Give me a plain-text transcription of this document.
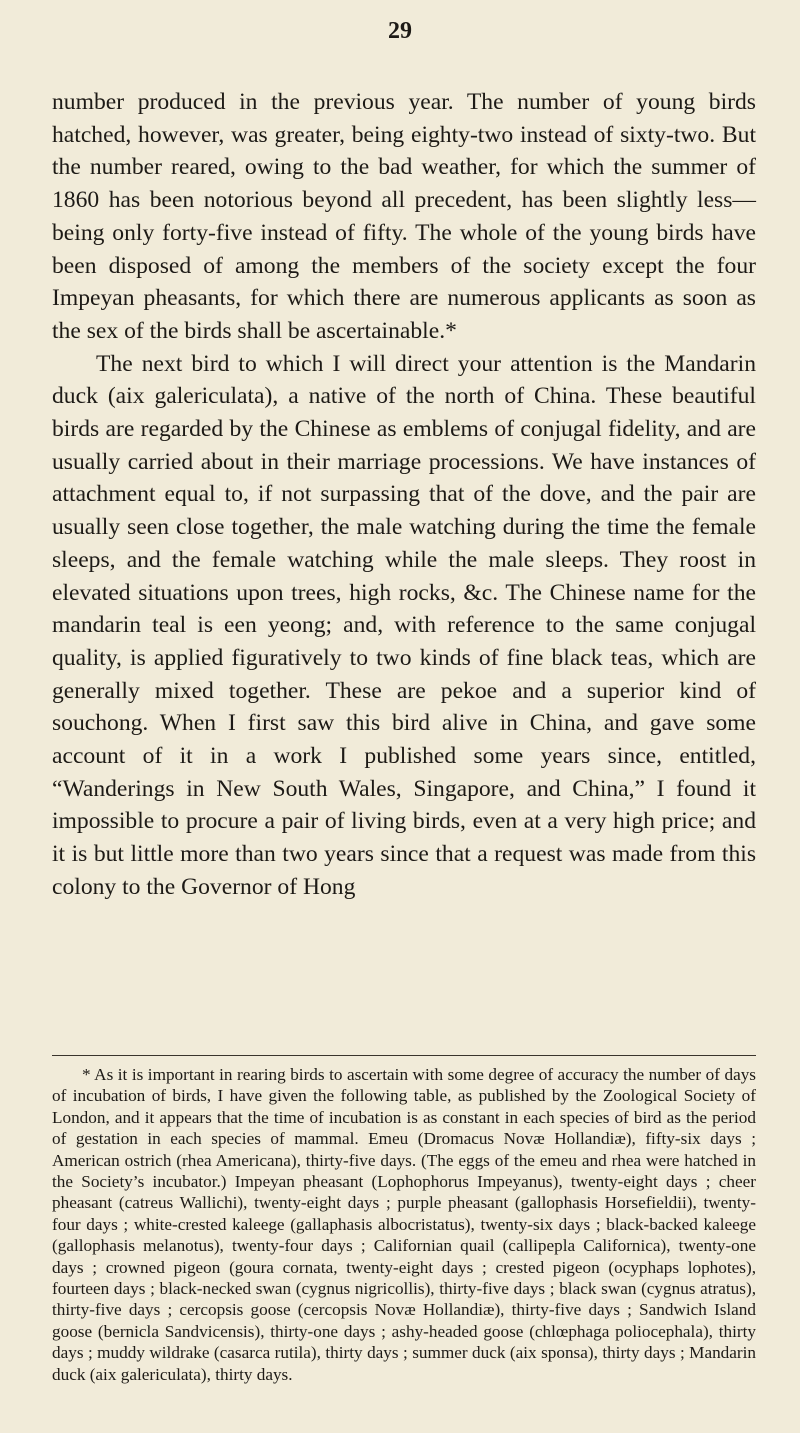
29

number produced in the previous year. The number of young birds hatched, however, was greater, being eighty-two instead of sixty-two. But the number reared, owing to the bad weather, for which the summer of 1860 has been notorious beyond all precedent, has been slightly less—being only forty-five instead of fifty. The whole of the young birds have been disposed of among the members of the society except the four Impeyan pheasants, for which there are numerous applicants as soon as the sex of the birds shall be ascertainable.*

The next bird to which I will direct your attention is the Mandarin duck (aix galericulata), a native of the north of China. These beautiful birds are regarded by the Chinese as emblems of conjugal fidelity, and are usually carried about in their marriage processions. We have instances of attachment equal to, if not surpassing that of the dove, and the pair are usually seen close together, the male watching during the time the female sleeps, and the female watching while the male sleeps. They roost in elevated situations upon trees, high rocks, &c. The Chinese name for the mandarin teal is een yeong; and, with reference to the same conjugal quality, is applied figuratively to two kinds of fine black teas, which are generally mixed together. These are pekoe and a superior kind of souchong. When I first saw this bird alive in China, and gave some account of it in a work I published some years since, entitled, “Wanderings in New South Wales, Singapore, and China,” I found it impossible to procure a pair of living birds, even at a very high price; and it is but little more than two years since that a request was made from this colony to the Governor of Hong

* As it is important in rearing birds to ascertain with some degree of accuracy the number of days of incubation of birds, I have given the following table, as published by the Zoological Society of London, and it appears that the time of incubation is as constant in each species of bird as the period of gestation in each species of mammal. Emeu (Dromacus Novæ Hollandiæ), fifty-six days ; American ostrich (rhea Americana), thirty-five days. (The eggs of the emeu and rhea were hatched in the Society’s incubator.) Impeyan pheasant (Lophophorus Impeyanus), twenty-eight days ; cheer pheasant (catreus Wallichi), twenty-eight days ; purple pheasant (gallophasis Horsefieldii), twenty-four days ; white-crested kaleege (gallaphasis albocristatus), twenty-six days ; black-backed kaleege (gallophasis melanotus), twenty-four days ; Californian quail (callipepla Californica), twenty-one days ; crowned pigeon (goura cornata, twenty-eight days ; crested pigeon (ocyphaps lophotes), fourteen days ; black-necked swan (cygnus nigricollis), thirty-five days ; black swan (cygnus atratus), thirty-five days ; cercopsis goose (cercopsis Novæ Hollandiæ), thirty-five days ; Sandwich Island goose (bernicla Sandvicensis), thirty-one days ; ashy-headed goose (chlœphaga poliocephala), thirty days ; muddy wildrake (casarca rutila), thirty days ; summer duck (aix sponsa), thirty days ; Mandarin duck (aix galericulata), thirty days.
